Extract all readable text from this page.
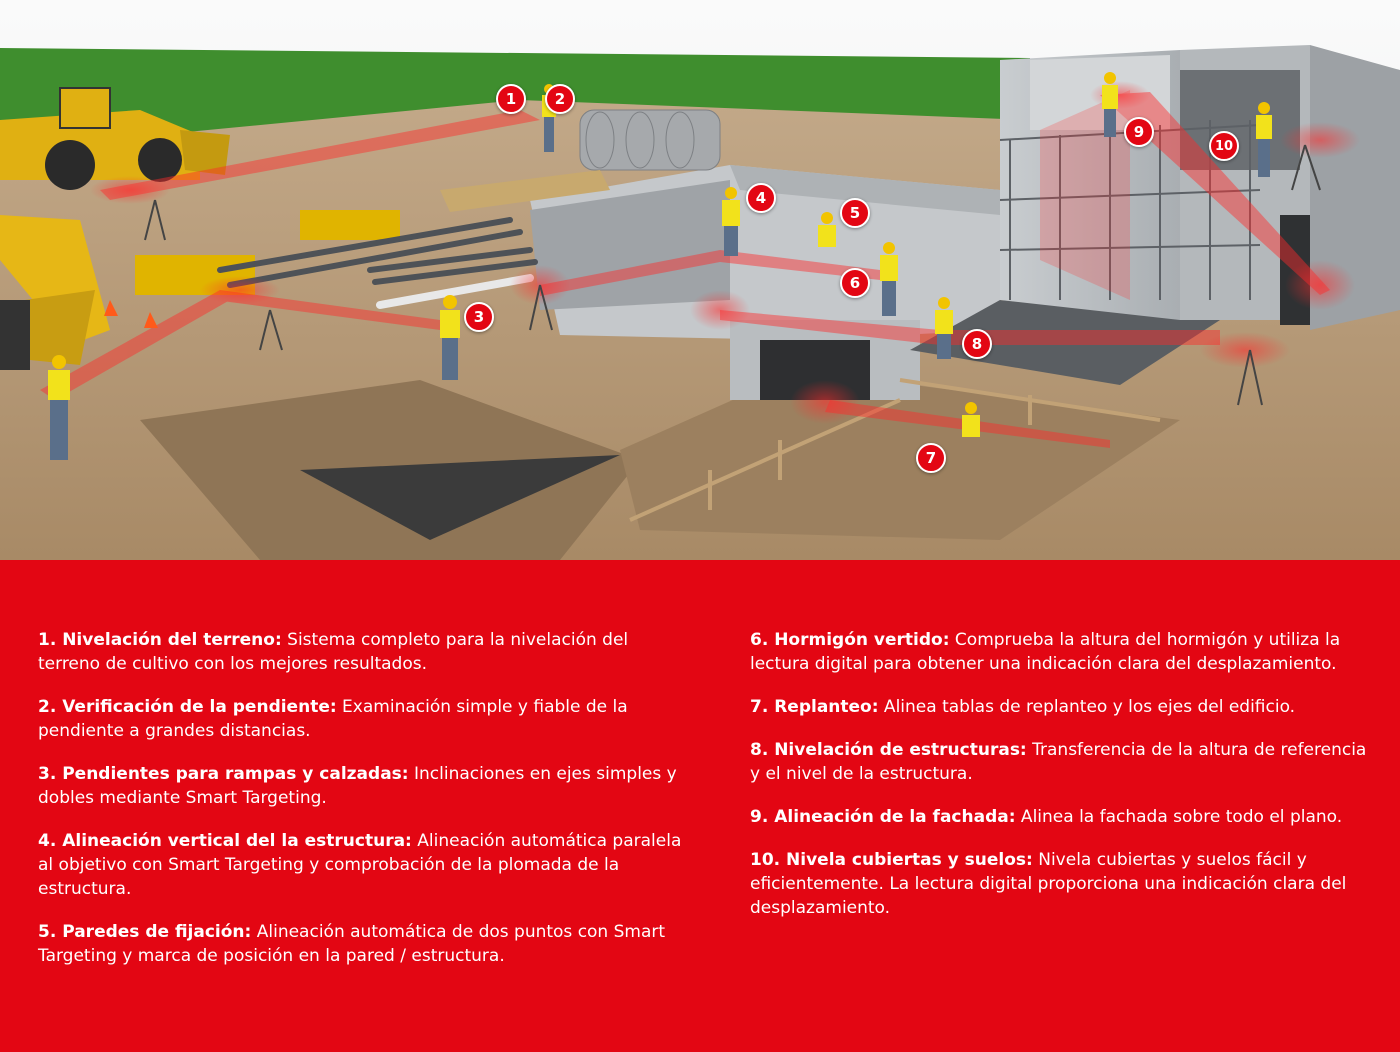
1	2
3
4
5
6
7
8
9
10

1. Nivelación del terreno: Sistema completo para la nivelación del terreno de cultivo con los mejores resultados.

2. Verificación de la pendiente: Examinación simple y fiable de la pendiente a grandes distancias.

3. Pendientes para rampas y calzadas: Inclinaciones en ejes simples y dobles mediante Smart Targeting.

4. Alineación vertical del la estructura: Alineación automática paralela al objetivo con Smart Targeting y comprobación de la plomada de la estructura.

5. Paredes de fijación: Alineación automática de dos puntos con Smart Targeting y marca de posición en la pared / estructura.

6. Hormigón vertido: Comprueba la altura del hormigón y utiliza la lectura digital para obtener una indicación clara del desplazamiento.

7. Replanteo: Alinea tablas de replanteo y los ejes del edificio.

8. Nivelación de estructuras: Transferencia de la altura de referencia y el nivel de la estructura.

9. Alineación de la fachada: Alinea la fachada sobre todo el plano.

10. Nivela cubiertas y suelos: Nivela cubiertas y suelos fácil y eficientemente. La lectura digital proporciona una indicación clara del desplazamiento.
